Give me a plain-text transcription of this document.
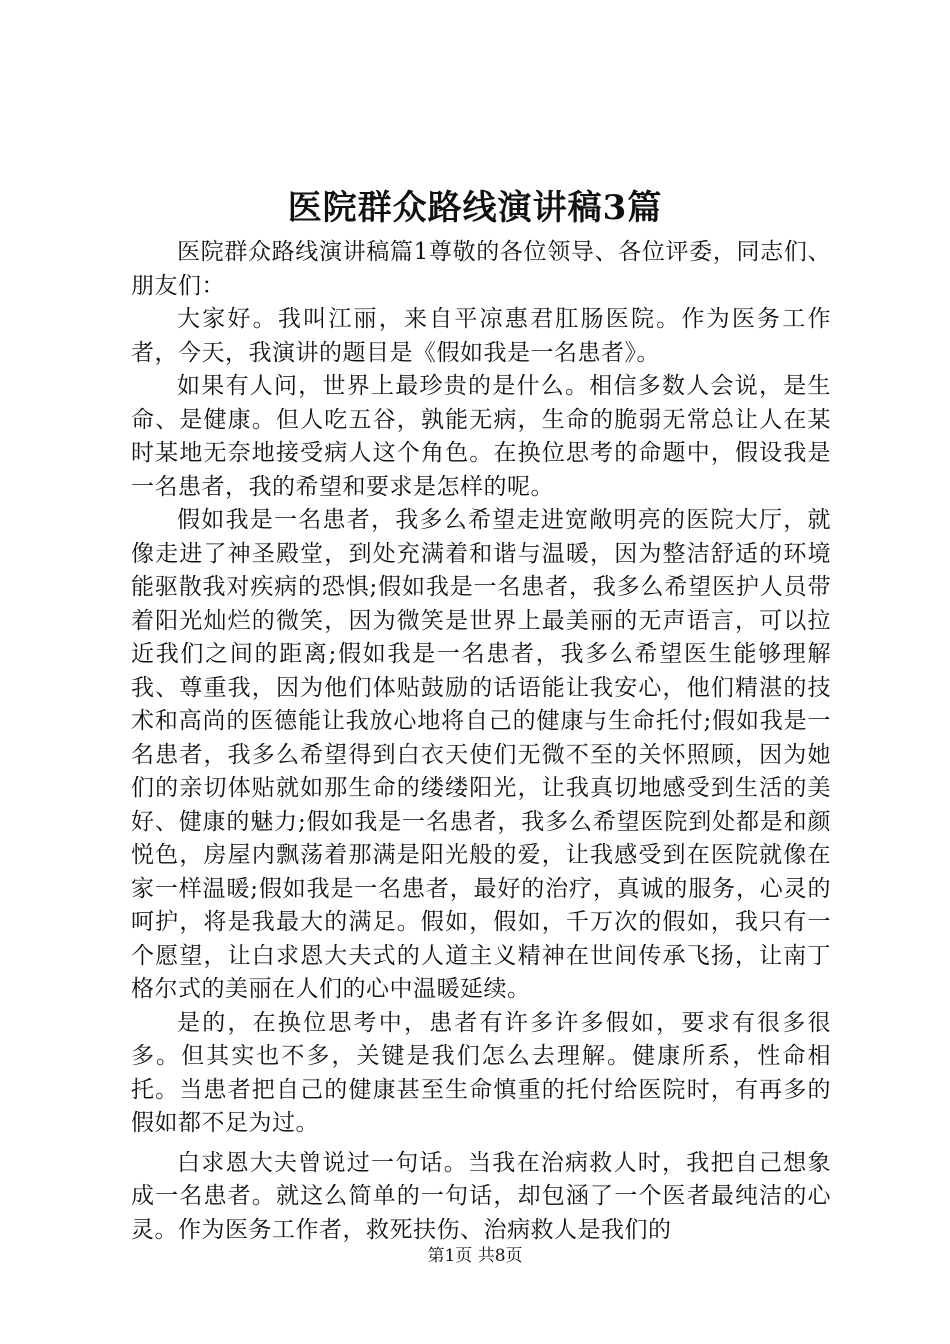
医院群众路线演讲稿3篇

医院群众路线演讲稿篇1尊敬的各位领导、各位评委，同志们、朋友们：

大家好。我叫江丽，来自平凉惠君肛肠医院。作为医务工作者，今天，我演讲的题目是《假如我是一名患者》。

如果有人问，世界上最珍贵的是什么。相信多数人会说，是生命、是健康。但人吃五谷，孰能无病，生命的脆弱无常总让人在某时某地无奈地接受病人这个角色。在换位思考的命题中，假设我是一名患者，我的希望和要求是怎样的呢。

假如我是一名患者，我多么希望走进宽敞明亮的医院大厅，就像走进了神圣殿堂，到处充满着和谐与温暖，因为整洁舒适的环境能驱散我对疾病的恐惧;假如我是一名患者，我多么希望医护人员带着阳光灿烂的微笑，因为微笑是世界上最美丽的无声语言，可以拉近我们之间的距离;假如我是一名患者，我多么希望医生能够理解我、尊重我，因为他们体贴鼓励的话语能让我安心，他们精湛的技术和高尚的医德能让我放心地将自己的健康与生命托付;假如我是一名患者，我多么希望得到白衣天使们无微不至的关怀照顾，因为她们的亲切体贴就如那生命的缕缕阳光，让我真切地感受到生活的美好、健康的魅力;假如我是一名患者，我多么希望医院到处都是和颜悦色，房屋内飘荡着那满是阳光般的爱，让我感受到在医院就像在家一样温暖;假如我是一名患者，最好的治疗，真诚的服务，心灵的呵护，将是我最大的满足。假如，假如，千万次的假如，我只有一个愿望，让白求恩大夫式的人道主义精神在世间传承飞扬，让南丁格尔式的美丽在人们的心中温暖延续。

是的，在换位思考中，患者有许多许多假如，要求有很多很多。但其实也不多，关键是我们怎么去理解。健康所系，性命相托。当患者把自己的健康甚至生命慎重的托付给医院时，有再多的假如都不足为过。

白求恩大夫曾说过一句话。当我在治病救人时，我把自己想象成一名患者。就这么简单的一句话，却包涵了一个医者最纯洁的心灵。作为医务工作者，救死扶伤、治病救人是我们的

第1页 共8页
